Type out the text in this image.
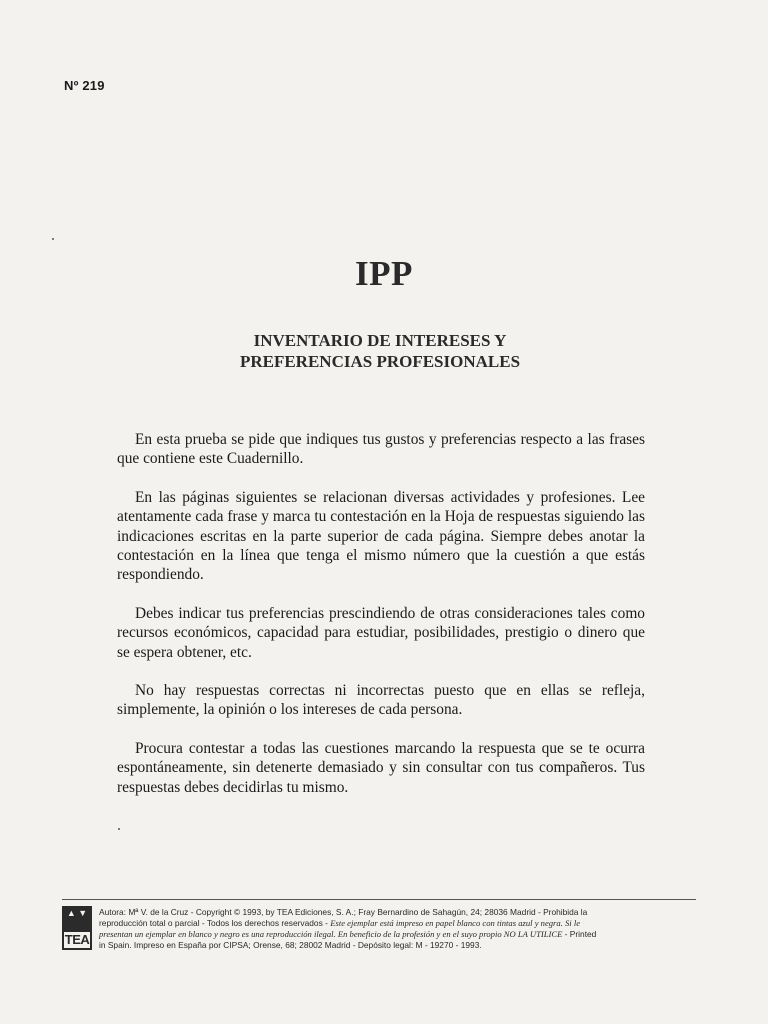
Nº 219
IPP
INVENTARIO DE INTERESES Y
PREFERENCIAS PROFESIONALES

En esta prueba se pide que indiques tus gustos y preferencias respecto a las frases que contiene este Cuadernillo.

En las páginas siguientes se relacionan diversas actividades y profesiones. Lee atentamente cada frase y marca tu contestación en la Hoja de respuestas siguiendo las indicaciones escritas en la parte superior de cada página. Siempre debes anotar la contestación en la línea que tenga el mismo número que la cuestión a que estás respondiendo.

Debes indicar tus preferencias prescindiendo de otras consideraciones tales como recursos económicos, capacidad para estudiar, posibilidades, prestigio o dinero que se espera obtener, etc.

No hay respuestas correctas ni incorrectas puesto que en ellas se refleja, simplemente, la opinión o los intereses de cada persona.

Procura contestar a todas las cuestiones marcando la respuesta que se te ocurra espontáneamente, sin detenerte demasiado y sin consultar con tus compañeros. Tus respuestas debes decidirlas tu mismo.

▲ ▼
TEA
Autora: Mª V. de la Cruz - Copyright © 1993, by TEA Ediciones, S. A.; Fray Bernardino de Sahagún, 24; 28036 Madrid - Prohibida la
reproducción total o parcial - Todos los derechos reservados - Este ejemplar está impreso en papel blanco con tintas azul y negra. Si le
presentan un ejemplar en blanco y negro es una reproducción ilegal. En beneficio de la profesión y en el suyo propio NO LA UTILICE - Printed
in Spain. Impreso en España por CIPSA; Orense, 68; 28002 Madrid - Depósito legal: M - 19270 - 1993.
